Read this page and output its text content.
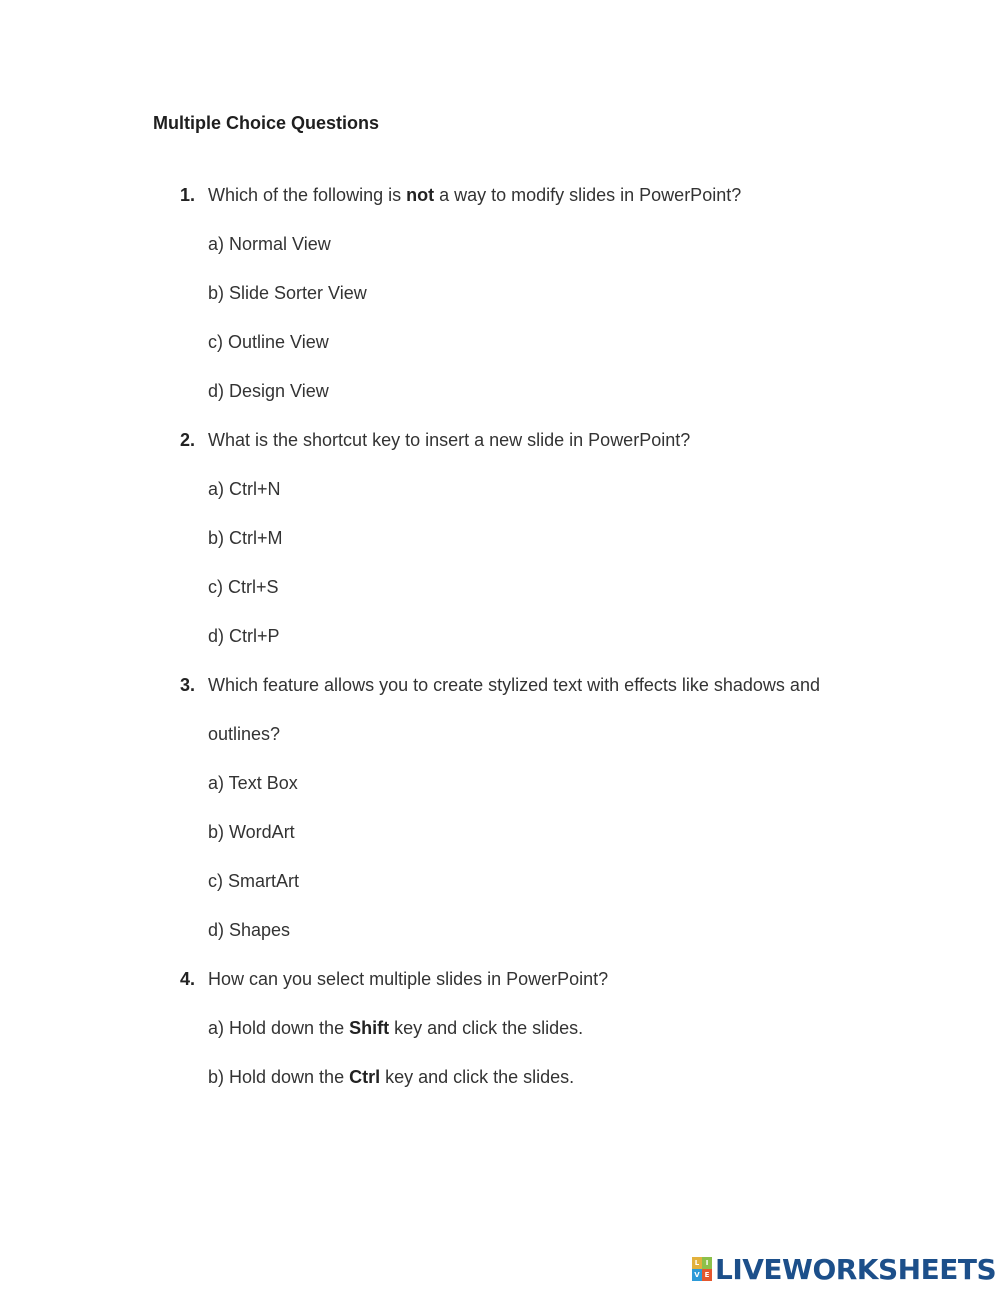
Multiple Choice Questions
1. Which of the following is not a way to modify slides in PowerPoint?
a) Normal View
b) Slide Sorter View
c) Outline View
d) Design View
2. What is the shortcut key to insert a new slide in PowerPoint?
a) Ctrl+N
b) Ctrl+M
c) Ctrl+S
d) Ctrl+P
3. Which feature allows you to create stylized text with effects like shadows and
outlines?
a) Text Box
b) WordArt
c) SmartArt
d) Shapes
4. How can you select multiple slides in PowerPoint?
a) Hold down the Shift key and click the slides.
b) Hold down the Ctrl key and click the slides.
L I
V E LIVEWORKSHEETS
